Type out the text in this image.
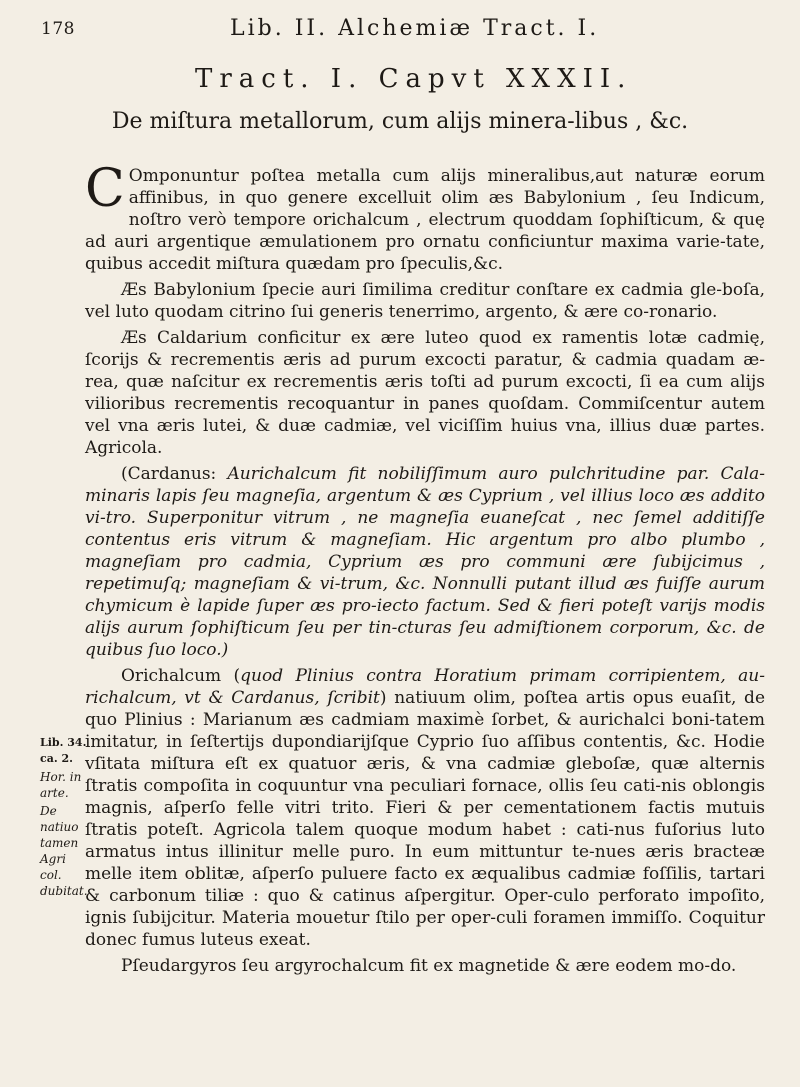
178	Lib. II. Alchemiæ Tract. I.
Tract. I. Capvt XXXII.
De miſtura metallorum, cum alijs minera-libus , &c.

COmponuntur poſtea metalla cum alijs mineralibus,aut naturæ eorum affinibus, in quo genere excelluit olim æs Babylonium , ſeu Indicum, noſtro verò tempore orichalcum , electrum quoddam ſophiſticum, & quę ad auri argentique æmulationem pro ornatu conficiuntur maxima varie-tate, quibus accedit miſtura quædam pro ſpeculis,&c.

Æs Babylonium ſpecie auri ſimilima creditur conſtare ex cadmia gle-boſa, vel luto quodam citrino ſui generis tenerrimo, argento, & ære co-ronario.

Æs Caldarium conficitur ex ære luteo quod ex ramentis lotæ cadmię, ſcorijs & recrementis æris ad purum excocti paratur, & cadmia quadam æ-rea, quæ naſcitur ex recrementis æris toſti ad purum excocti, ſi ea cum alijs vilioribus recrementis recoquantur in panes quoſdam. Commiſcentur autem vel vna æris lutei, & duæ cadmiæ, vel viciſſim huius vna, illius duæ partes. Agricola.

(Cardanus: Aurichalcum fit nobiliſſimum auro pulchritudine par. Cala-minaris lapis ſeu magneſia, argentum & æs Cyprium , vel illius loco æs addito vi-tro. Superponitur vitrum , ne magneſia euaneſcat , nec ſemel additiſſe contentus eris vitrum & magneſiam. Hic argentum pro albo plumbo , magneſiam pro cadmia, Cyprium æs pro communi ære ſubijcimus , repetimuſq; magneſiam & vi-trum, &c. Nonnulli putant illud æs fuiſſe aurum chymicum è lapide ſuper æs pro-iecto factum. Sed & fieri poteſt varijs modis alijs aurum ſophiſticum ſeu per tin-cturas ſeu admiſtionem corporum, &c. de quibus ſuo loco.)

Orichalcum (quod Plinius contra Horatium primam corripientem, au-richalcum, vt & Cardanus, ſcribit) natiuum olim, poſtea artis opus euaſit, de quo Plinius : Marianum æs cadmiam maximè ſorbet, & aurichalci boni-tatem imitatur, in ſeſtertijs dupondiarijſque Cyprio ſuo aſſibus contentis, &c. Hodie vſitata miſtura eſt ex quatuor æris, & vna cadmiæ gleboſæ, quæ alternis ſtratis compoſita in coquuntur vna peculiari fornace, ollis ſeu cati-nis oblongis magnis, aſperſo felle vitri trito. Fieri & per cementationem factis mutuis ſtratis poteſt. Agricola talem quoque modum habet : cati-nus fuſorius luto armatus intus illinitur melle puro. In eum mittuntur te-nues æris bracteæ melle item oblitæ, aſperſo puluere facto ex æqualibus cadmiæ foſſilis, tartari & carbonum tiliæ : quo & catinus aſpergitur. Oper-culo perforato impoſito, ignis ſubijcitur. Materia mouetur ſtilo per oper-culi foramen immiſſo. Coquitur donec fumus luteus exeat.

Pſeudargyros ſeu argyrochalcum fit ex magnetide & ære eodem mo-do.

Lib. 34. ca. 2.
Hor. in arte.
De natiuo tamen Agri col. dubitat.
